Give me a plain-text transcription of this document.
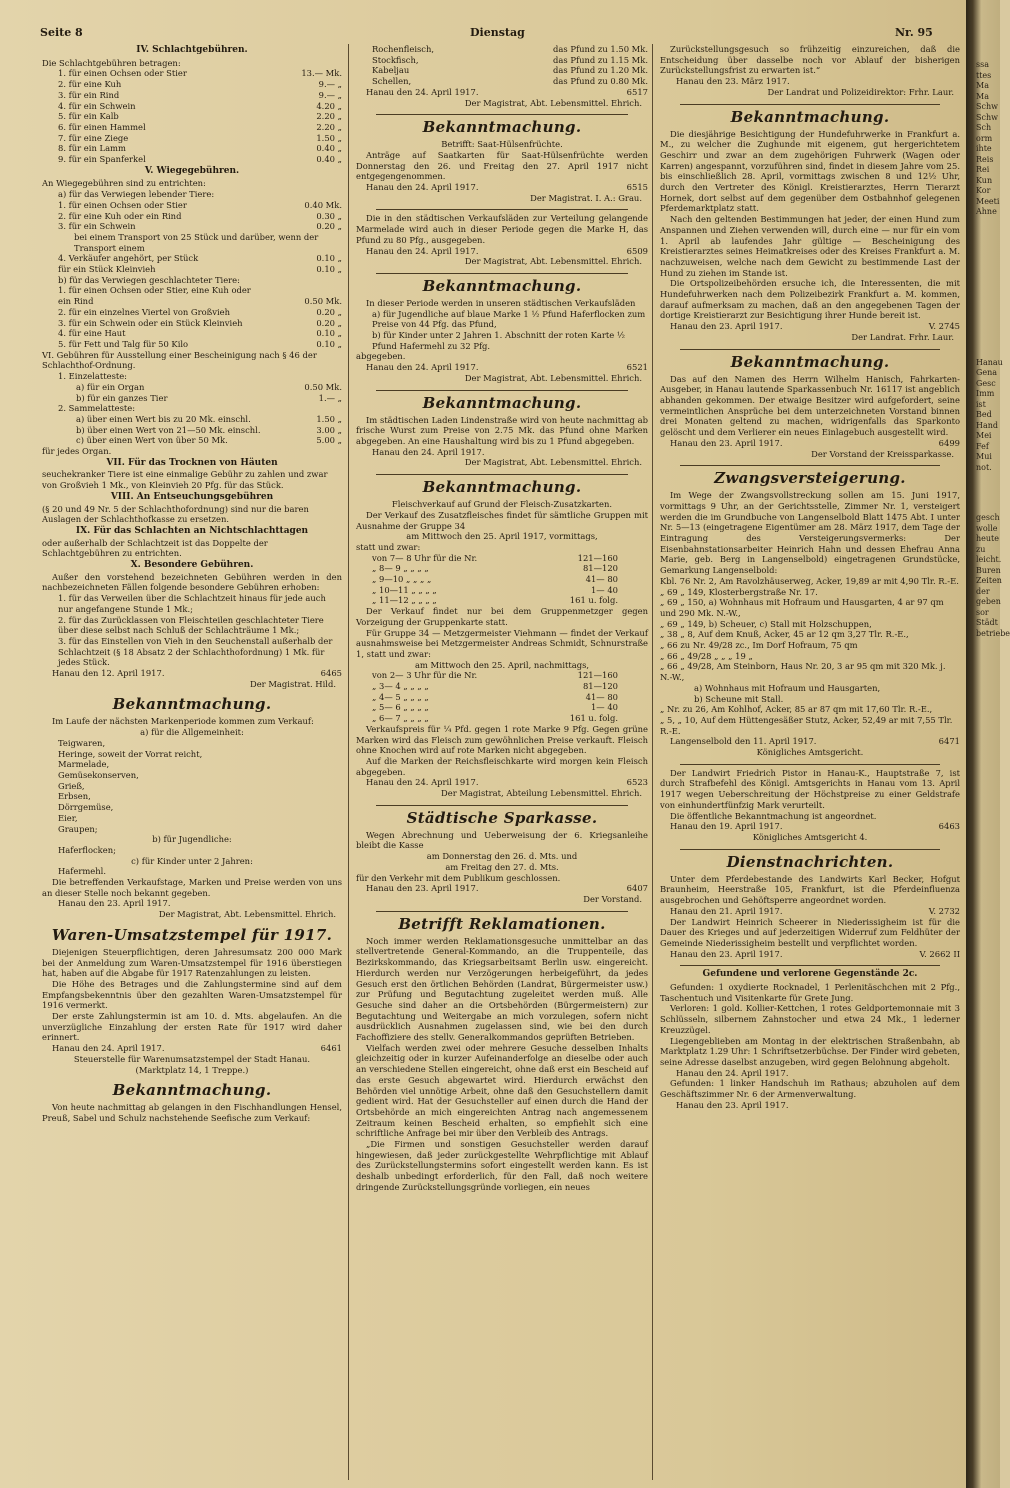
Seite 8	Dienstag	Nr. 95
IV. Schlachtgebühren.

Die Schlachtgebühren betragen:

1. für einen Ochsen oder Stier	13.— Mk.
2. für eine Kuh	9.— „
3. für ein Rind	9.— „
4. für ein Schwein	4.20 „
5. für ein Kalb	2.20 „
6. für einen Hammel	2.20 „
7. für eine Ziege	1.50 „
8. für ein Lamm	0.40 „
9. für ein Spanferkel	0.40 „
V. Wiegegebühren.

An Wiegegebühren sind zu entrichten:

a) für das Verwiegen lebender Tiere:

1. für einen Ochsen oder Stier	0.40 Mk.
2. für eine Kuh oder ein Rind	0.30 „
3. für ein Schwein	0.20 „

bei einem Transport von 25 Stück und darüber, wenn der Transport einem

4. Verkäufer angehört, per Stück	0.10 „
für ein Stück Kleinvieh	0.10 „

b) für das Verwiegen geschlachteter Tiere:

1. für einen Ochsen oder Stier, eine Kuh oder

ein Rind	0.50 Mk.
2. für ein einzelnes Viertel von Großvieh	0.20 „
3. für ein Schwein oder ein Stück Kleinvieh	0.20 „
4. für eine Haut	0.10 „
5. für Fett und Talg für 50 Kilo	0.10 „

VI. Gebühren für Ausstellung einer Bescheinigung nach § 46 der Schlachthof-Ordnung.

1. Einzelatteste:

a) für ein Organ	0.50 Mk.
b) für ein ganzes Tier	1.— „

2. Sammelatteste:

a) über einen Wert bis zu 20 Mk. einschl.	1.50 „
b) über einen Wert von 21—50 Mk. einschl.	3.00 „
c) über einen Wert von über 50 Mk.	5.00 „

für jedes Organ.

VII. Für das Trocknen von Häuten

seuchekranker Tiere ist eine einmalige Gebühr zu zahlen und zwar von Großvieh 1 Mk., von Kleinvieh 20 Pfg. für das Stück.

VIII. An Entseuchungsgebühren

(§ 20 und 49 Nr. 5 der Schlachthofordnung) sind nur die baren Auslagen der Schlachthofkasse zu ersetzen.

IX. Für das Schlachten an Nichtschlachttagen

oder außerhalb der Schlachtzeit ist das Doppelte der Schlachtgebühren zu entrichten.

X. Besondere Gebühren.

Außer den vorstehend bezeichneten Gebühren werden in den nachbezeichneten Fällen folgende besondere Gebühren erhoben:

1. für das Verweilen über die Schlachtzeit hinaus für jede auch nur angefangene Stunde 1 Mk.;

2. für das Zurücklassen von Fleischteilen geschlachteter Tiere über diese selbst nach Schluß der Schlachträume 1 Mk.;

3. für das Einstellen von Vieh in den Seuchenstall außerhalb der Schlachtzeit (§ 18 Absatz 2 der Schlachthofordnung) 1 Mk. für jedes Stück.

Hanau den 12. April 1917.	6465

Der Magistrat. Hild.

Bekanntmachung.

Im Laufe der nächsten Markenperiode kommen zum Verkauf:

a) für die Allgemeinheit:

Teigwaren,

Heringe, soweit der Vorrat reicht,

Marmelade,

Gemüsekonserven,

Grieß,

Erbsen,

Dörrgemüse,

Eier,

Graupen;

b) für Jugendliche:

Haferflocken;

c) für Kinder unter 2 Jahren:

Hafermehl.

Die betreffenden Verkaufstage, Marken und Preise werden von uns an dieser Stelle noch bekannt gegeben.

Hanau den 23. April 1917.

Der Magistrat, Abt. Lebensmittel. Ehrich.

Waren-Umsatzstempel für 1917.

Diejenigen Steuerpflichtigen, deren Jahresumsatz 200 000 Mark bei der Anmeldung zum Waren-Umsatzstempel für 1916 überstiegen hat, haben auf die Abgabe für 1917 Ratenzahlungen zu leisten.

Die Höhe des Betrages und die Zahlungstermine sind auf dem Empfangsbekenntnis über den gezahlten Waren-Umsatzstempel für 1916 vermerkt.

Der erste Zahlungstermin ist am 10. d. Mts. abgelaufen. An die unverzügliche Einzahlung der ersten Rate für 1917 wird daher erinnert.

Hanau den 24. April 1917.	6461

Steuerstelle für Warenumsatzstempel der Stadt Hanau.

(Marktplatz 14, 1 Treppe.)

Bekanntmachung.

Von heute nachmittag ab gelangen in den Fischhandlungen Hensel, Preuß, Sabel und Schulz nachstehende Seefische zum Verkauf:

Rochenfleisch,	das Pfund zu 1.50 Mk.
Stockfisch,	das Pfund zu 1.15 Mk.
Kabeljau	das Pfund zu 1.20 Mk.
Schellen,	das Pfund zu 0.80 Mk.
Hanau den 24. April 1917.	6517

Der Magistrat, Abt. Lebensmittel. Ehrich.

Bekanntmachung.

Betrifft: Saat-Hülsenfrüchte.

Anträge auf Saatkarten für Saat-Hülsenfrüchte werden Donnerstag den 26. und Freitag den 27. April 1917 nicht entgegengenommen.

Hanau den 24. April 1917.	6515

Der Magistrat. I. A.: Grau.

Die in den städtischen Verkaufsläden zur Verteilung gelangende Marmelade wird auch in dieser Periode gegen die Marke H, das Pfund zu 80 Pfg., ausgegeben.

Hanau den 24. April 1917.	6509

Der Magistrat, Abt. Lebensmittel. Ehrich.

Bekanntmachung.

In dieser Periode werden in unseren städtischen Verkaufsläden

a) für Jugendliche auf blaue Marke 1 ½ Pfund Haferflocken zum Preise von 44 Pfg. das Pfund,

b) für Kinder unter 2 Jahren 1. Abschnitt der roten Karte ½ Pfund Hafermehl zu 32 Pfg.

abgegeben.

Hanau den 24. April 1917.	6521

Der Magistrat, Abt. Lebensmittel. Ehrich.

Bekanntmachung.

Im städtischen Laden Lindenstraße wird von heute nachmittag ab frische Wurst zum Preise von 2.75 Mk. das Pfund ohne Marken abgegeben. An eine Haushaltung wird bis zu 1 Pfund abgegeben.

Hanau den 24. April 1917.

Der Magistrat, Abt. Lebensmittel. Ehrich.

Bekanntmachung.

Fleischverkauf auf Grund der Fleisch-Zusatzkarten.

Der Verkauf des Zusatzfleisches findet für sämtliche Gruppen mit Ausnahme der Gruppe 34

am Mittwoch den 25. April 1917, vormittags,

statt und zwar:

von 7— 8 Uhr für die Nr.	121—160
„ 8— 9 „ „ „ „	81—120
„ 9—10 „ „ „ „	41— 80
„ 10—11 „ „ „ „	1— 40
„ 11—12 „ „ „ „	161 u. folg.

Der Verkauf findet nur bei dem Gruppenmetzger gegen Vorzeigung der Gruppenkarte statt.

Für Gruppe 34 — Metzgermeister Viehmann — findet der Verkauf ausnahmsweise bei Metzgermeister Andreas Schmidt, Schnurstraße 1, statt und zwar:

am Mittwoch den 25. April, nachmittags,

von 2— 3 Uhr für die Nr.	121—160
„ 3— 4 „ „ „ „	81—120
„ 4— 5 „ „ „ „	41— 80
„ 5— 6 „ „ „ „	1— 40
„ 6— 7 „ „ „ „	161 u. folg.

Verkaufspreis für ¼ Pfd. gegen 1 rote Marke 9 Pfg. Gegen grüne Marken wird das Fleisch zum gewöhnlichen Preise verkauft. Fleisch ohne Knochen wird auf rote Marken nicht abgegeben.

Auf die Marken der Reichsfleischkarte wird morgen kein Fleisch abgegeben.

Hanau den 24. April 1917.	6523

Der Magistrat, Abteilung Lebensmittel. Ehrich.

Städtische Sparkasse.

Wegen Abrechnung und Ueberweisung der 6. Kriegsanleihe bleibt die Kasse

am Donnerstag den 26. d. Mts. und

am Freitag den 27. d. Mts.

für den Verkehr mit dem Publikum geschlossen.

Hanau den 23. April 1917.	6407

Der Vorstand.

Betrifft Reklamationen.

Noch immer werden Reklamationsgesuche unmittelbar an das stellvertretende General-Kommando, an die Truppenteile, das Bezirkskommando, das Kriegsarbeitsamt Berlin usw. eingereicht. Hierdurch werden nur Verzögerungen herbeigeführt, da jedes Gesuch erst den örtlichen Behörden (Landrat, Bürgermeister usw.) zur Prüfung und Begutachtung zugeleitet werden muß. Alle Gesuche sind daher an die Ortsbehörden (Bürgermeistern) zur Begutachtung und Weitergabe an mich vorzulegen, sofern nicht ausdrücklich Ausnahmen zugelassen sind, wie bei den durch Fachoffiziere des stellv. Generalkommandos geprüften Betrieben.

Vielfach werden zwei oder mehrere Gesuche desselben Inhalts gleichzeitig oder in kurzer Aufeinanderfolge an dieselbe oder auch an verschiedene Stellen eingereicht, ohne daß erst ein Bescheid auf das erste Gesuch abgewartet wird. Hierdurch erwächst den Behörden viel unnötige Arbeit, ohne daß den Gesuchstellern damit gedient wird. Hat der Gesuchsteller auf einen durch die Hand der Ortsbehörde an mich eingereichten Antrag nach angemessenem Zeitraum keinen Bescheid erhalten, so empfiehlt sich eine schriftliche Anfrage bei mir über den Verbleib des Antrags.

„Die Firmen und sonstigen Gesuchsteller werden darauf hingewiesen, daß jeder zurückgestellte Wehrpflichtige mit Ablauf des Zurückstellungstermins sofort eingestellt werden kann. Es ist deshalb unbedingt erforderlich, für den Fall, daß noch weitere dringende Zurückstellungsgründe vorliegen, ein neues

Zurückstellungsgesuch so frühzeitig einzureichen, daß die Entscheidung über dasselbe noch vor Ablauf der bisherigen Zurückstellungsfrist zu erwarten ist.“

Hanau den 23. März 1917.

Der Landrat und Polizeidirektor: Frhr. Laur.

Bekanntmachung.

Die diesjährige Besichtigung der Hundefuhrwerke in Frankfurt a. M., zu welcher die Zughunde mit eigenem, gut hergerichtetem Geschirr und zwar an dem zugehörigen Fuhrwerk (Wagen oder Karren) angespannt, vorzuführen sind, findet in diesem Jahre vom 25. bis einschließlich 28. April, vormittags zwischen 8 und 12½ Uhr, durch den Vertreter des Königl. Kreistierarztes, Herrn Tierarzt Hornek, dort selbst auf dem gegenüber dem Ostbahnhof gelegenen Pferdemarktplatz statt.

Nach den geltenden Bestimmungen hat jeder, der einen Hund zum Anspannen und Ziehen verwenden will, durch eine — nur für ein vom 1. April ab laufendes Jahr gültige — Bescheinigung des Kreistierarztes seines Heimatkreises oder des Kreises Frankfurt a. M. nachzuweisen, welche nach dem Gewicht zu bestimmende Last der Hund zu ziehen im Stande ist.

Die Ortspolizeibehörden ersuche ich, die Interessenten, die mit Hundefuhrwerken nach dem Polizeibezirk Frankfurt a. M. kommen, darauf aufmerksam zu machen, daß an den angegebenen Tagen der dortige Kreistierarzt zur Besichtigung ihrer Hunde bereit ist.

Hanau den 23. April 1917.	V. 2745

Der Landrat. Frhr. Laur.

Bekanntmachung.

Das auf den Namen des Herrn Wilhelm Hanisch, Fahrkarten-Ausgeber, in Hanau lautende Sparkassenbuch Nr. 16117 ist angeblich abhanden gekommen. Der etwaige Besitzer wird aufgefordert, seine vermeintlichen Ansprüche bei dem unterzeichneten Vorstand binnen drei Monaten geltend zu machen, widrigenfalls das Sparkonto gelöscht und dem Verlierer ein neues Einlagebuch ausgestellt wird.

Hanau den 23. April 1917.	6499

Der Vorstand der Kreissparkasse.

Zwangsversteigerung.

Im Wege der Zwangsvollstreckung sollen am 15. Juni 1917, vormittags 9 Uhr, an der Gerichtsstelle, Zimmer Nr. 1, versteigert werden die im Grundbuche von Langenselbold Blatt 1475 Abt. I unter Nr. 5—13 (eingetragene Eigentümer am 28. März 1917, dem Tage der Eintragung des Versteigerungsvermerks: Der Eisenbahnstationsarbeiter Heinrich Hahn und dessen Ehefrau Anna Marie, geb. Berg in Langenselbold) eingetragenen Grundstücke, Gemarkung Langenselbold:

Kbl. 76 Nr. 2, Am Ravolzhäuserweg, Acker, 19,89 ar mit 4,90 Tlr. R.-E.

„ 69 „ 149, Klosterbergstraße Nr. 17.

„ 69 „ 150, a) Wohnhaus mit Hofraum und Hausgarten, 4 ar 97 qm und 290 Mk. N.-W.,

„ 69 „ 149, b) Scheuer, c) Stall mit Holzschuppen,

„ 38 „ 8, Auf dem Knuß, Acker, 45 ar 12 qm 3,27 Tlr. R.-E.,

„ 66 zu Nr. 49/28 zc., Im Dorf Hofraum, 75 qm

„ 66 „ 49/28 „ „ „ 19 „

„ 66 „ 49/28, Am Steinborn, Haus Nr. 20, 3 ar 95 qm mit 320 Mk. j. N.-W.,

a) Wohnhaus mit Hofraum und Hausgarten,

b) Scheune mit Stall.

„ Nr. zu 26, Am Kohlhof, Acker, 85 ar 87 qm mit 17,60 Tlr. R.-E.,

„ 5, „ 10, Auf dem Hüttengesäßer Stutz, Acker, 52,49 ar mit 7,55 Tlr. R.-E.

Langenselbold den 11. April 1917.	6471

Königliches Amtsgericht.

Der Landwirt Friedrich Pistor in Hanau-K., Hauptstraße 7, ist durch Strafbefehl des Königl. Amtsgerichts in Hanau vom 13. April 1917 wegen Ueberschreitung der Höchstpreise zu einer Geldstrafe von einhundertfünfzig Mark verurteilt.

Die öffentliche Bekanntmachung ist angeordnet.

Hanau den 19. April 1917.	6463

Königliches Amtsgericht 4.

Dienstnachrichten.

Unter dem Pferdebestande des Landwirts Karl Becker, Hofgut Braunheim, Heerstraße 105, Frankfurt, ist die Pferdeinfluenza ausgebrochen und Gehöftsperre angeordnet worden.

Hanau den 21. April 1917.	V. 2732

Der Landwirt Heinrich Scheerer in Niederissigheim ist für die Dauer des Krieges und auf jederzeitigen Widerruf zum Feldhüter der Gemeinde Niederissigheim bestellt und verpflichtet worden.

Hanau den 23. April 1917.	V. 2662 II
Gefundene und verlorene Gegenstände 2c.

Gefunden: 1 oxydierte Rocknadel, 1 Perlenitäschchen mit 2 Pfg., Taschentuch und Visitenkarte für Grete Jung.

Verloren: 1 gold. Kollier-Kettchen, 1 rotes Geldportemonnaie mit 3 Schlüsseln, silbernem Zahnstocher und etwa 24 Mk., 1 lederner Kreuzzügel.

Liegengeblieben am Montag in der elektrischen Straßenbahn, ab Marktplatz 1.29 Uhr: 1 Schriftsetzerbüchse. Der Finder wird gebeten, seine Adresse daselbst anzugeben, wird gegen Belohnung abgeholt.

Hanau den 24. April 1917.

Gefunden: 1 linker Handschuh im Rathaus; abzuholen auf dem Geschäftszimmer Nr. 6 der Armenverwaltung.

Hanau den 23. April 1917.

ssa
ttes
Ma
Ma
Schw
Schw
Sch
orm
ihte
Reis
Rei
Kun
Kor
Meeti
Ahne
Hanau
Gena
Gesc
Imm
ist
Bed
Hand
Mei
Fef
Mui
not.
gesch
wolle
heute
zu
leicht.
Buren
Zeiten
der
geben
sor
Städt
betriebe
